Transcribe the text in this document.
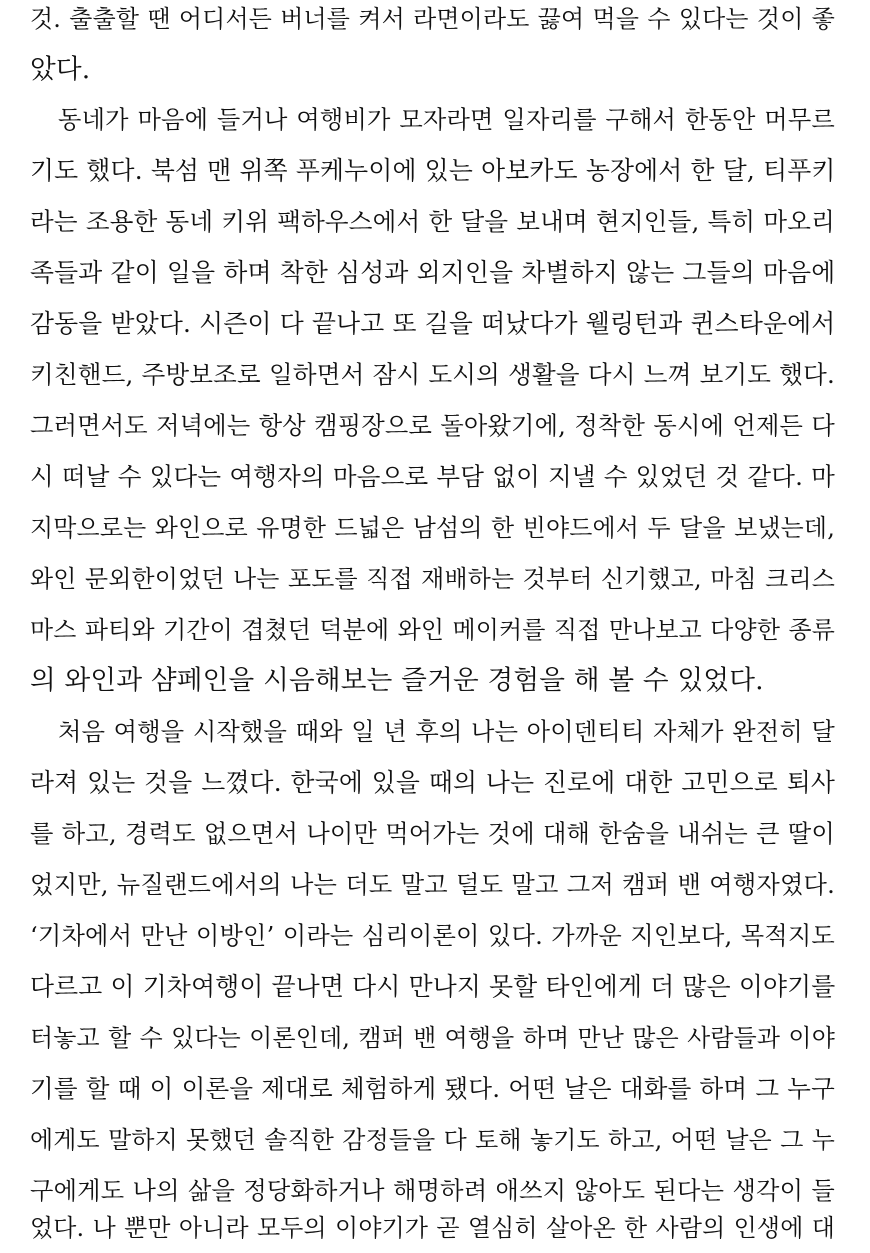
것. 출출할 땐 어디서든 버너를 켜서 라면이라도 끓여 먹을 수 있다는 것이 좋
았다.
동네가 마음에 들거나 여행비가 모자라면 일자리를 구해서 한동안 머무르
기도 했다. 북섬 맨 위쪽 푸케누이에 있는 아보카도 농장에서 한 달, 티푸키
라는 조용한 동네 키위 팩하우스에서 한 달을 보내며 현지인들, 특히 마오리
족들과 같이 일을 하며 착한 심성과 외지인을 차별하지 않는 그들의 마음에
감동을 받았다. 시즌이 다 끝나고 또 길을 떠났다가 웰링턴과 퀸스타운에서
키친핸드, 주방보조로 일하면서 잠시 도시의 생활을 다시 느껴 보기도 했다.
그러면서도 저녁에는 항상 캠핑장으로 돌아왔기에, 정착한 동시에 언제든 다
시 떠날 수 있다는 여행자의 마음으로 부담 없이 지낼 수 있었던 것 같다. 마
지막으로는 와인으로 유명한 드넓은 남섬의 한 빈야드에서 두 달을 보냈는데,
와인 문외한이었던 나는 포도를 직접 재배하는 것부터 신기했고, 마침 크리스
마스 파티와 기간이 겹쳤던 덕분에 와인 메이커를 직접 만나보고 다양한 종류
의 와인과 샴페인을 시음해보는 즐거운 경험을 해 볼 수 있었다.
처음 여행을 시작했을 때와 일 년 후의 나는 아이덴티티 자체가 완전히 달
라져 있는 것을 느꼈다. 한국에 있을 때의 나는 진로에 대한 고민으로 퇴사
를 하고, 경력도 없으면서 나이만 먹어가는 것에 대해 한숨을 내쉬는 큰 딸이
었지만, 뉴질랜드에서의 나는 더도 말고 덜도 말고 그저 캠퍼 밴 여행자였다.
‘기차에서 만난 이방인’ 이라는 심리이론이 있다. 가까운 지인보다, 목적지도
다르고 이 기차여행이 끝나면 다시 만나지 못할 타인에게 더 많은 이야기를
터놓고 할 수 있다는 이론인데, 캠퍼 밴 여행을 하며 만난 많은 사람들과 이야
기를 할 때 이 이론을 제대로 체험하게 됐다. 어떤 날은 대화를 하며 그 누구
에게도 말하지 못했던 솔직한 감정들을 다 토해 놓기도 하고, 어떤 날은 그 누
구에게도 나의 삶을 정당화하거나 해명하려 애쓰지 않아도 된다는 생각이 들
었다. 나 뿐만 아니라 모두의 이야기가 곧 열심히 살아온 한 사람의 인생에 대
